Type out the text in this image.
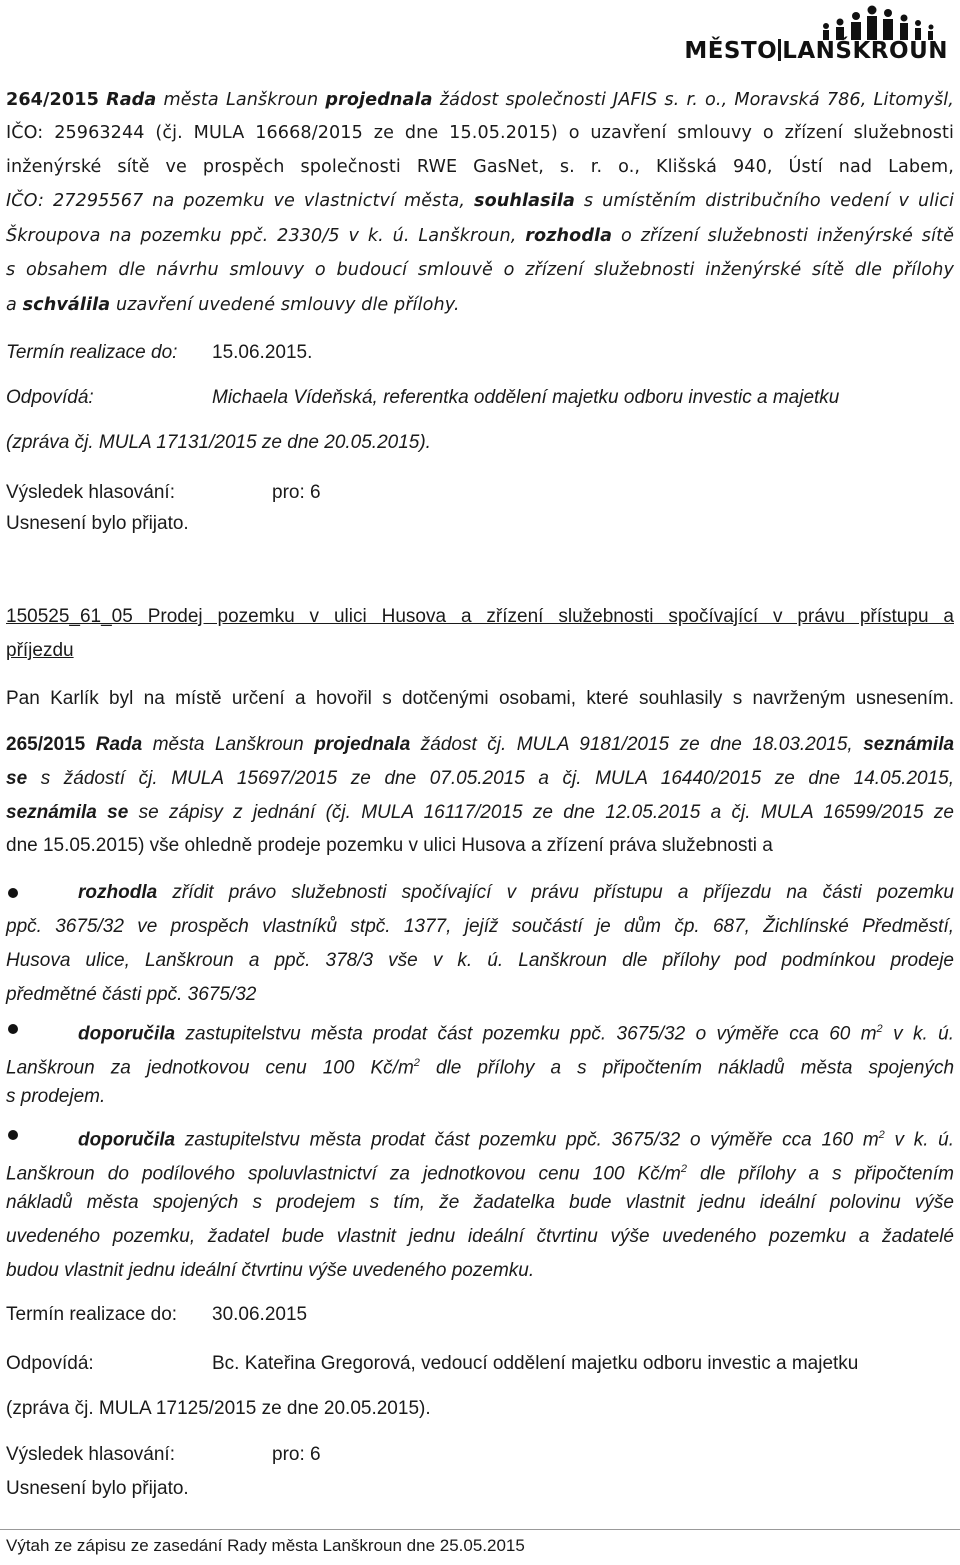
MĚSTO LANŠKROUN
264/2015 Rada města Lanškroun projednala žádost společnosti JAFIS s. r. o., Moravská 786, Litomyšl,
IČO: 25963244 (čj. MULA 16668/2015 ze dne 15.05.2015) o uzavření smlouvy o zřízení služebnosti
inženýrské sítě ve prospěch společnosti RWE GasNet, s. r. o., Klišská 940, Ústí nad Labem,
IČO: 27295567 na pozemku ve vlastnictví města, souhlasila s umístěním distribučního vedení v ulici
Škroupova na pozemku ppč. 2330/5 v k. ú. Lanškroun, rozhodla o zřízení služebnosti inženýrské sítě
s obsahem dle návrhu smlouvy o budoucí smlouvě o zřízení služebnosti inženýrské sítě dle přílohy
a schválila uzavření uvedené smlouvy dle přílohy.
Termín realizace do: 15.06.2015.
Odpovídá:	Michaela Vídeňská, referentka oddělení majetku odboru investic a majetku
(zpráva čj. MULA 17131/2015 ze dne 20.05.2015).
Výsledek hlasování:	pro: 6
Usnesení bylo přijato.
150525_61_05 Prodej pozemku v ulici Husova a zřízení služebnosti spočívající v právu přístupu a
příjezdu
Pan Karlík byl na místě určení a hovořil s dotčenými osobami, které souhlasily s navrženým usnesením.
265/2015 Rada města Lanškroun projednala žádost čj. MULA 9181/2015 ze dne 18.03.2015, seznámila
se s žádostí čj. MULA 15697/2015 ze dne 07.05.2015 a čj. MULA 16440/2015 ze dne 14.05.2015,
seznámila se se zápisy z jednání (čj. MULA 16117/2015 ze dne 12.05.2015 a čj. MULA 16599/2015 ze
dne 15.05.2015) vše ohledně prodeje pozemku v ulici Husova a zřízení práva služebnosti a
rozhodla zřídit právo služebnosti spočívající v právu přístupu a příjezdu na části pozemku
ppč. 3675/32 ve prospěch vlastníků stpč. 1377, jejíž součástí je dům čp. 687, Žichlínské Předměstí,
Husova ulice, Lanškroun a ppč. 378/3 vše v k. ú. Lanškroun dle přílohy pod podmínkou prodeje
předmětné části ppč. 3675/32
doporučila zastupitelstvu města prodat část pozemku ppč. 3675/32 o výměře cca 60 $m^2$ v k. ú.
Lanškroun za jednotkovou cenu 100 $Kč/m^2$ dle přílohy a s připočtením nákladů města spojených
s prodejem.
doporučila zastupitelstvu města prodat část pozemku ppč. 3675/32 o výměře cca 160 $m^2$ v k. ú.
Lanškroun do podílového spoluvlastnictví za jednotkovou cenu 100 $Kč/m^2$ dle přílohy a s připočtením
nákladů města spojených s prodejem s tím, že žadatelka bude vlastnit jednu ideální polovinu výše
uvedeného pozemku, žadatel bude vlastnit jednu ideální čtvrtinu výše uvedeného pozemku a žadatelé
budou vlastnit jednu ideální čtvrtinu výše uvedeného pozemku.
Termín realizace do: 30.06.2015
Odpovídá:	Bc. Kateřina Gregorová, vedoucí oddělení majetku odboru investic a majetku
(zpráva čj. MULA 17125/2015 ze dne 20.05.2015).
Výsledek hlasování:	pro: 6
Usnesení bylo přijato.
Výtah ze zápisu ze zasedání Rady města Lanškroun dne 25.05.2015
